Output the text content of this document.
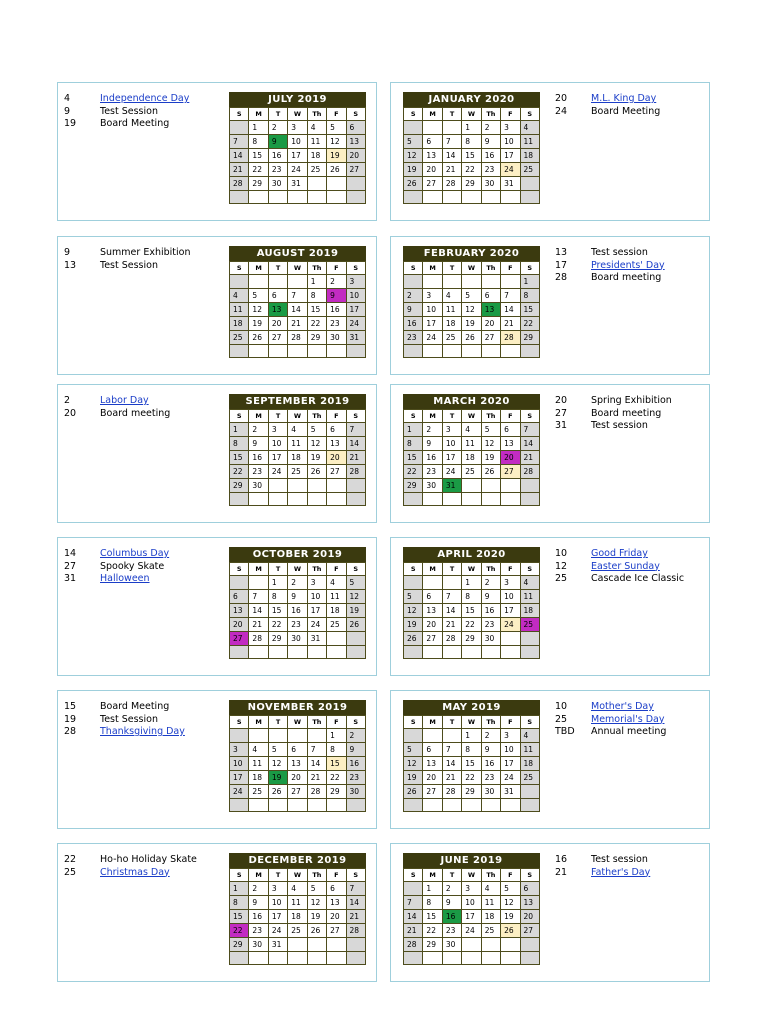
4	Independence Day
9	Test Session
19	Board Meeting
JULY 2019
S	M	T	W	Th	F	S
	1	2	3	4	5	6
7	8	9	10	11	12	13
14	15	16	17	18	19	20
21	22	23	24	25	26	27
28	29	30	31			

20	M.L. King Day
24	Board Meeting
JANUARY 2020
S	M	T	W	Th	F	S
			1	2	3	4
5	6	7	8	9	10	11
12	13	14	15	16	17	18
19	20	21	22	23	24	25
26	27	28	29	30	31	

9	Summer Exhibition
13	Test Session
AUGUST 2019
S	M	T	W	Th	F	S
				1	2	3
4	5	6	7	8	9	10
11	12	13	14	15	16	17
18	19	20	21	22	23	24
25	26	27	28	29	30	31

13	Test session
17	Presidents' Day
28	Board meeting
FEBRUARY 2020
S	M	T	W	Th	F	S
						1
2	3	4	5	6	7	8
9	10	11	12	13	14	15
16	17	18	19	20	21	22
23	24	25	26	27	28	29

2	Labor Day
20	Board meeting
SEPTEMBER 2019
S	M	T	W	Th	F	S
1	2	3	4	5	6	7
8	9	10	11	12	13	14
15	16	17	18	19	20	21
22	23	24	25	26	27	28
29	30					

20	Spring Exhibition
27	Board meeting
31	Test session
MARCH 2020
S	M	T	W	Th	F	S
1	2	3	4	5	6	7
8	9	10	11	12	13	14
15	16	17	18	19	20	21
22	23	24	25	26	27	28
29	30	31				

14	Columbus Day
27	Spooky Skate
31	Halloween
OCTOBER 2019
S	M	T	W	Th	F	S
		1	2	3	4	5
6	7	8	9	10	11	12
13	14	15	16	17	18	19
20	21	22	23	24	25	26
27	28	29	30	31		

10	Good Friday
12	Easter Sunday
25	Cascade Ice Classic
APRIL 2020
S	M	T	W	Th	F	S
			1	2	3	4
5	6	7	8	9	10	11
12	13	14	15	16	17	18
19	20	21	22	23	24	25
26	27	28	29	30		

15	Board Meeting
19	Test Session
28	Thanksgiving Day
NOVEMBER 2019
S	M	T	W	Th	F	S
					1	2
3	4	5	6	7	8	9
10	11	12	13	14	15	16
17	18	19	20	21	22	23
24	25	26	27	28	29	30

10	Mother's Day
25	Memorial's Day
TBD	Annual meeting
MAY 2019
S	M	T	W	Th	F	S
			1	2	3	4
5	6	7	8	9	10	11
12	13	14	15	16	17	18
19	20	21	22	23	24	25
26	27	28	29	30	31	

22	Ho-ho Holiday Skate
25	Christmas Day
DECEMBER 2019
S	M	T	W	Th	F	S
1	2	3	4	5	6	7
8	9	10	11	12	13	14
15	16	17	18	19	20	21
22	23	24	25	26	27	28
29	30	31				

16	Test session
21	Father's Day
JUNE 2019
S	M	T	W	Th	F	S
	1	2	3	4	5	6
7	8	9	10	11	12	13
14	15	16	17	18	19	20
21	22	23	24	25	26	27
28	29	30				
